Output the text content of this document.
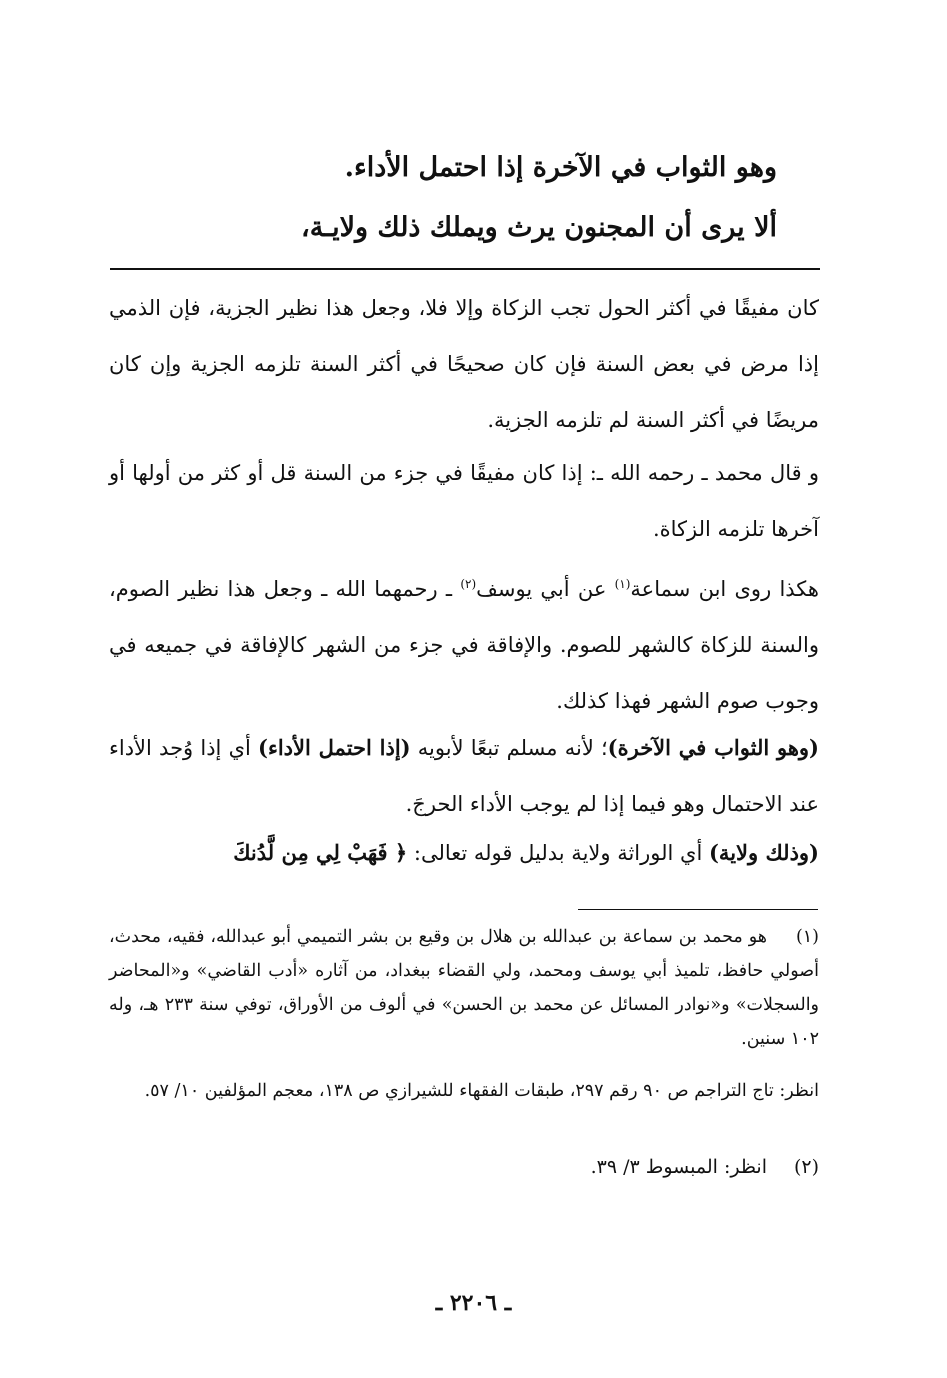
وهو الثواب في الآخرة إذا احتمل الأداء.
ألا يرى أن المجنون يرث ويملك ذلك ولايـة،
كان مفيقًا في أكثر الحول تجب الزكاة وإلا فلا، وجعل هذا نظير الجزية، فإن الذمي إذا مرض في بعض السنة فإن كان صحيحًا في أكثر السنة تلزمه الجزية وإن كان مريضًا في أكثر السنة لم تلزمه الجزية.
و قال محمد ـ رحمه الله ـ: إذا كان مفيقًا في جزء من السنة قل أو كثر من أولها أو آخرها تلزمه الزكاة.
هكذا روى ابن سماعة$^{(١)}$ عن أبي يوسف$^{(٢)}$ ـ رحمهما الله ـ وجعل هذا نظير الصوم، والسنة للزكاة كالشهر للصوم. والإفاقة في جزء من الشهر كالإفاقة في جميعه في وجوب صوم الشهر فهذا كذلك.
(وهو الثواب في الآخرة)؛ لأنه مسلم تبعًا لأبويه (إذا احتمل الأداء) أي إذا وُجد الأداء عند الاحتمال وهو فيما إذا لم يوجب الأداء الحرجَ.
(وذلك ولاية) أي الوراثة ولاية بدليل قوله تعالى: ﴿ فَهَبْ لِي مِن لَّدُنكَ
(١)هو محمد بن سماعة بن عبدالله بن هلال بن وقيع بن بشر التميمي أبو عبدالله، فقيه، محدث، أصولي حافظ، تلميذ أبي يوسف ومحمد، ولي القضاء ببغداد، من آثاره «أدب القاضي» و«المحاضر والسجلات» و«نوادر المسائل عن محمد بن الحسن» في ألوف من الأوراق، توفي سنة ٢٣٣ هـ، وله ١٠٢ سنين.
انظر: تاج التراجم ص ٩٠ رقم ٢٩٧، طبقات الفقهاء للشيرازي ص ١٣٨، معجم المؤلفين ١٠/ ٥٧.
(٢)انظر: المبسوط ٣/ ٣٩.
ـ ٢٢٠٦ ـ
